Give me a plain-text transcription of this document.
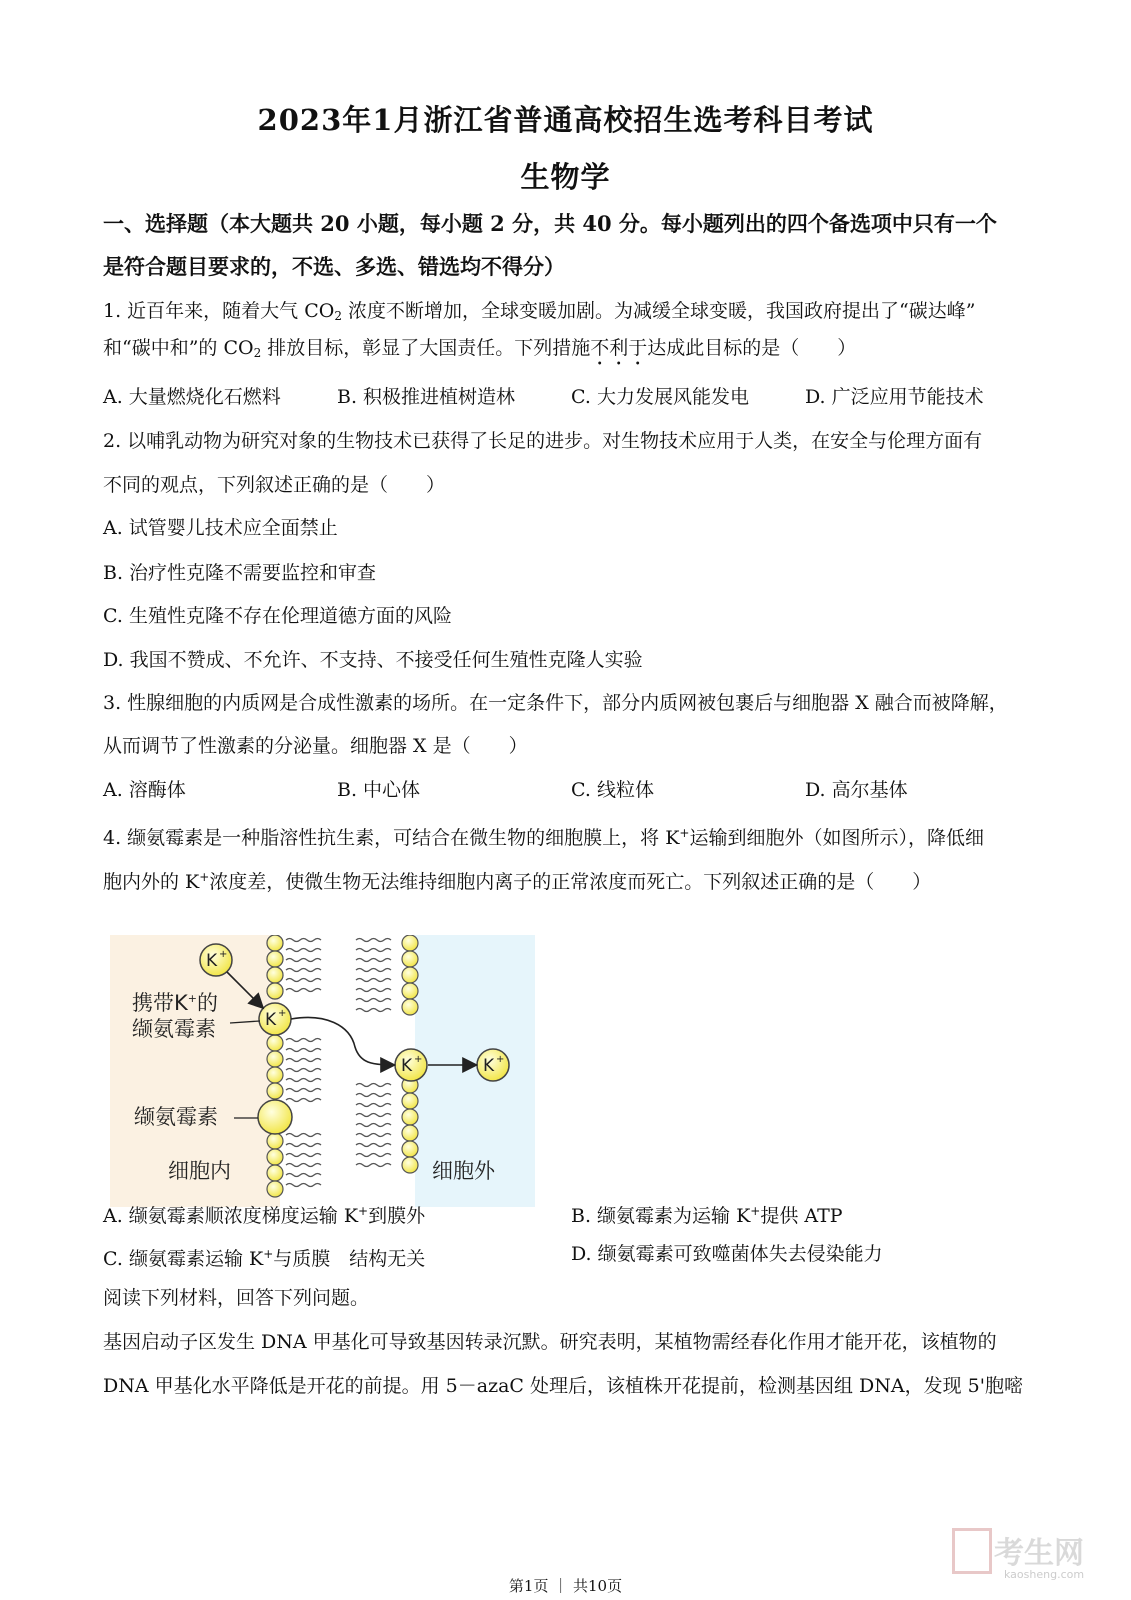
2023年1月浙江省普通高校招生选考科目考试
生物学
一、选择题（本大题共 20 小题，每小题 2 分，共 40 分。每小题列出的四个备选项中只有一个
是符合题目要求的，不选、多选、错选均不得分）
1. 近百年来，随着大气 $CO_2$ 浓度不断增加，全球变暖加剧。为减缓全球变暖，我国政府提出了“碳达峰”
和“碳中和”的 $CO_2$ 排放目标，彰显了大国责任。下列措施不利于达成此目标的是（　　）
A. 大量燃烧化石燃料	B. 积极推进植树造林	C. 大力发展风能发电	D. 广泛应用节能技术
2. 以哺乳动物为研究对象的生物技术已获得了长足的进步。对生物技术应用于人类，在安全与伦理方面有
不同的观点，下列叙述正确的是（　　）
A. 试管婴儿技术应全面禁止
B. 治疗性克隆不需要监控和审查
C. 生殖性克隆不存在伦理道德方面的风险
D. 我国不赞成、不允许、不支持、不接受任何生殖性克隆人实验
3. 性腺细胞的内质网是合成性激素的场所。在一定条件下，部分内质网被包裹后与细胞器 X 融合而被降解，
从而调节了性激素的分泌量。细胞器 X 是（　　）
A. 溶酶体	B. 中心体	C. 线粒体	D. 高尔基体
4. 缬氨霉素是一种脂溶性抗生素，可结合在微生物的细胞膜上，将 K+运输到细胞外（如图所示），降低细
胞内外的 K+浓度差，使微生物无法维持细胞内离子的正常浓度而死亡。下列叙述正确的是（　　）
K +
K +
K +	K +
携带K+的
缬氨霉素
缬氨霉素
细胞内	细胞外
A. 缬氨霉素顺浓度梯度运输 K+到膜外	B. 缬氨霉素为运输 K+提供 ATP
C. 缬氨霉素运输 K+与质膜　结构无关	D. 缬氨霉素可致噬菌体失去侵染能力
阅读下列材料，回答下列问题。
基因启动子区发生 DNA 甲基化可导致基因转录沉默。研究表明，某植物需经春化作用才能开花，该植物的
DNA 甲基化水平降低是开花的前提。用 5－azaC 处理后，该植株开花提前，检测基因组 DNA，发现 5'胞嘧
考生网
kaosheng.com
第1页 ｜ 共10页
